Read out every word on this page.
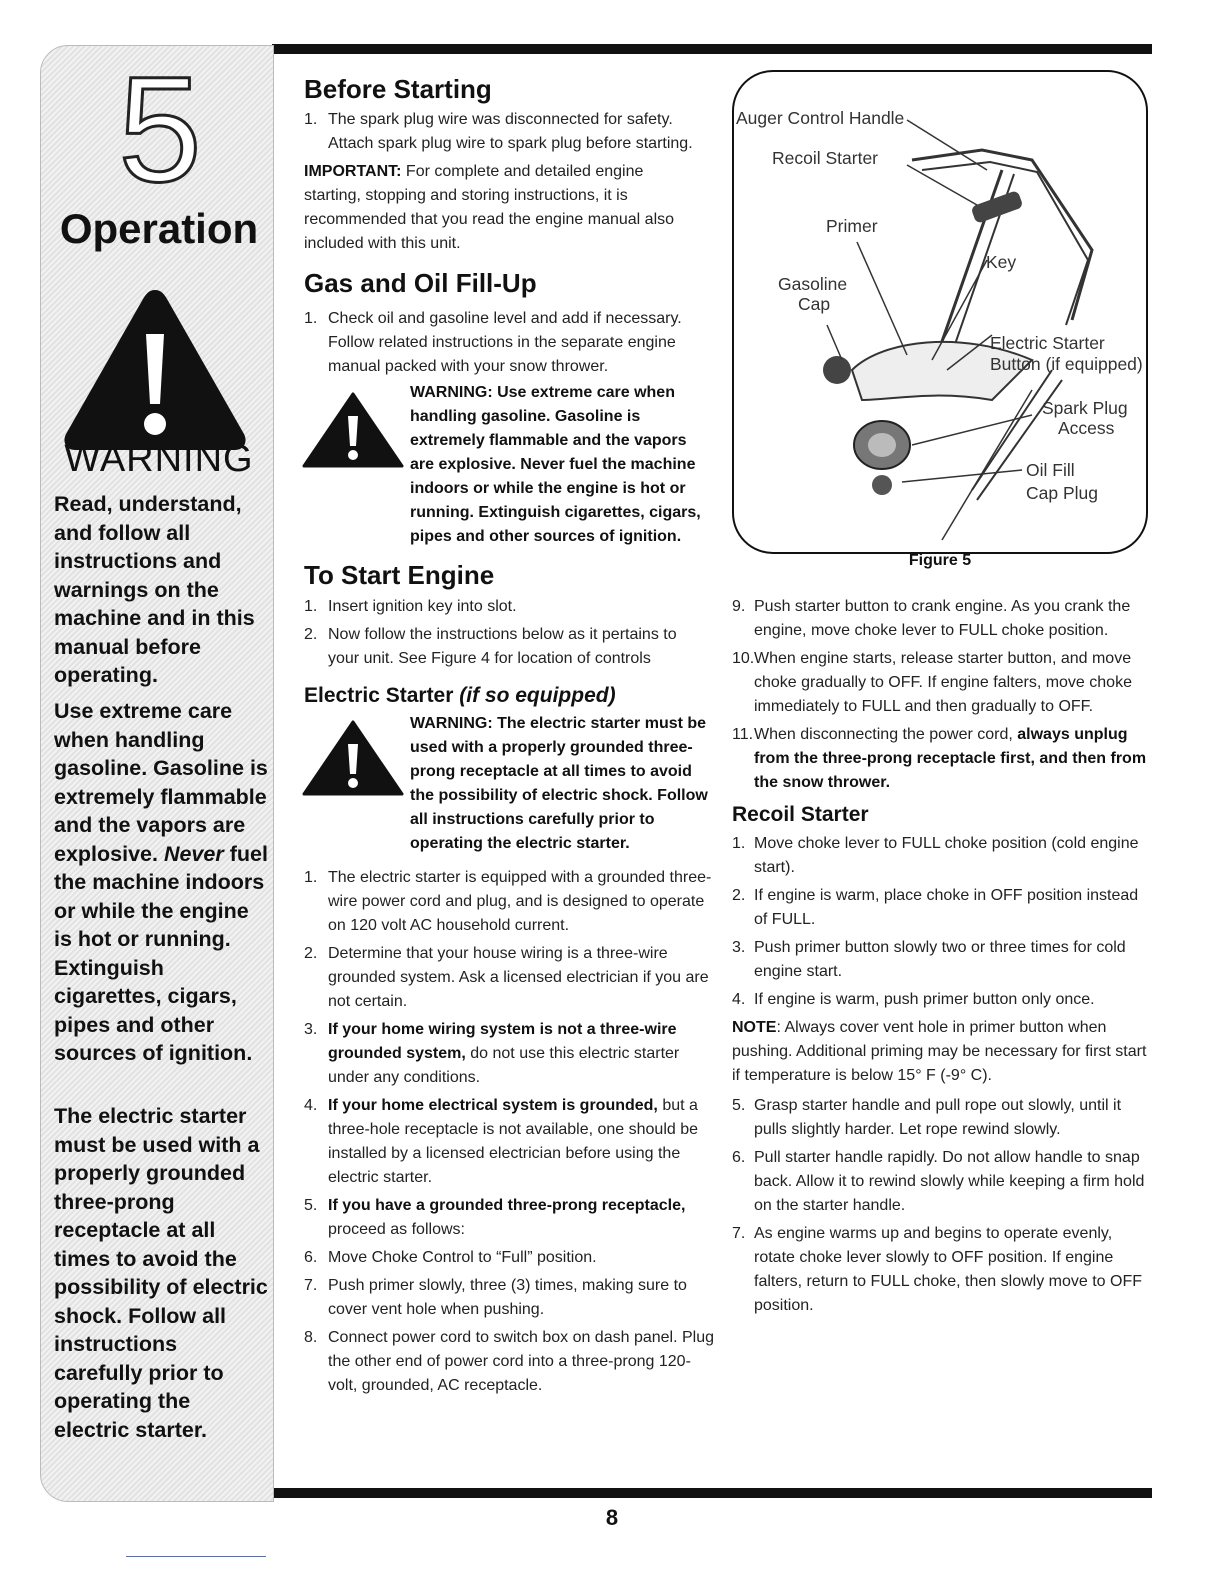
5
Operation
WARNING
Read, understand, and follow all instructions and warnings on the machine and in this manual before operating.
Use extreme care when handling gasoline. Gasoline is extremely flammable and the vapors are explosive. Never fuel the machine indoors or while the engine is hot or running. Extinguish cigarettes, cigars, pipes and other sources of ignition.
The electric starter must be used with a properly grounded three-prong receptacle at all times to avoid the possibility of electric shock. Follow all instructions carefully prior to operating the electric starter.
Before Starting
1. The spark plug wire was disconnected for safety. Attach spark plug wire to spark plug before starting.
IMPORTANT: For complete and detailed engine starting, stopping and storing instructions, it is recommended that you read the engine manual also included with this unit.
Gas and Oil Fill-Up
1. Check oil and gasoline level and add if necessary. Follow related instructions in the separate engine manual packed with your snow thrower.
WARNING: Use extreme care when handling gasoline. Gasoline is extremely flammable and the vapors are explosive. Never fuel the machine indoors or while the engine is hot or running. Extinguish cigarettes, cigars, pipes and other sources of ignition.
To Start Engine
1. Insert ignition key into slot.
2. Now follow the instructions below as it pertains to your unit. See Figure 4 for location of controls
Electric Starter (if so equipped)
WARNING: The electric starter must be used with a properly grounded three-prong receptacle at all times to avoid the possibility of electric shock. Follow all instructions carefully prior to operating the electric starter.
1. The electric starter is equipped with a grounded three-wire power cord and plug, and is designed to operate on 120 volt AC household current.
2. Determine that your house wiring is a three-wire grounded system. Ask a licensed electrician if you are not certain.
3. If your home wiring system is not a three-wire grounded system, do not use this electric starter under any conditions.
4. If your home electrical system is grounded, but a three-hole receptacle is not available, one should be installed by a licensed electrician before using the electric starter.
5. If you have a grounded three-prong receptacle, proceed as follows:
6. Move Choke Control to “Full” position.
7. Push primer slowly, three (3) times, making sure to cover vent hole when pushing.
8. Connect power cord to switch box on dash panel. Plug the other end of power cord into a three-prong 120-volt, grounded, AC receptacle.
Auger Control Handle
Recoil Starter
Primer
Gasoline
Cap
Key
Electric Starter
Button (if equipped)
Spark Plug
Access
Oil Fill
Cap Plug
Figure 5
9. Push starter button to crank engine. As you crank the engine, move choke lever to FULL choke position.
10. When engine starts, release starter button, and move choke gradually to OFF. If engine falters, move choke immediately to FULL and then gradually to OFF.
11. When disconnecting the power cord, always unplug from the three-prong receptacle first, and then from the snow thrower.
Recoil Starter
1. Move choke lever to FULL choke position (cold engine start).
2. If engine is warm, place choke in OFF position instead of FULL.
3. Push primer button slowly two or three times for cold engine start.
4. If engine is warm, push primer button only once.
NOTE: Always cover vent hole in primer button when pushing. Additional priming may be necessary for first start if temperature is below 15° F (-9° C).
5. Grasp starter handle and pull rope out slowly, until it pulls slightly harder. Let rope rewind slowly.
6. Pull starter handle rapidly. Do not allow handle to snap back. Allow it to rewind slowly while keeping a firm hold on the starter handle.
7. As engine warms up and begins to operate evenly, rotate choke lever slowly to OFF position. If engine falters, return to FULL choke, then slowly move to OFF position.
8
